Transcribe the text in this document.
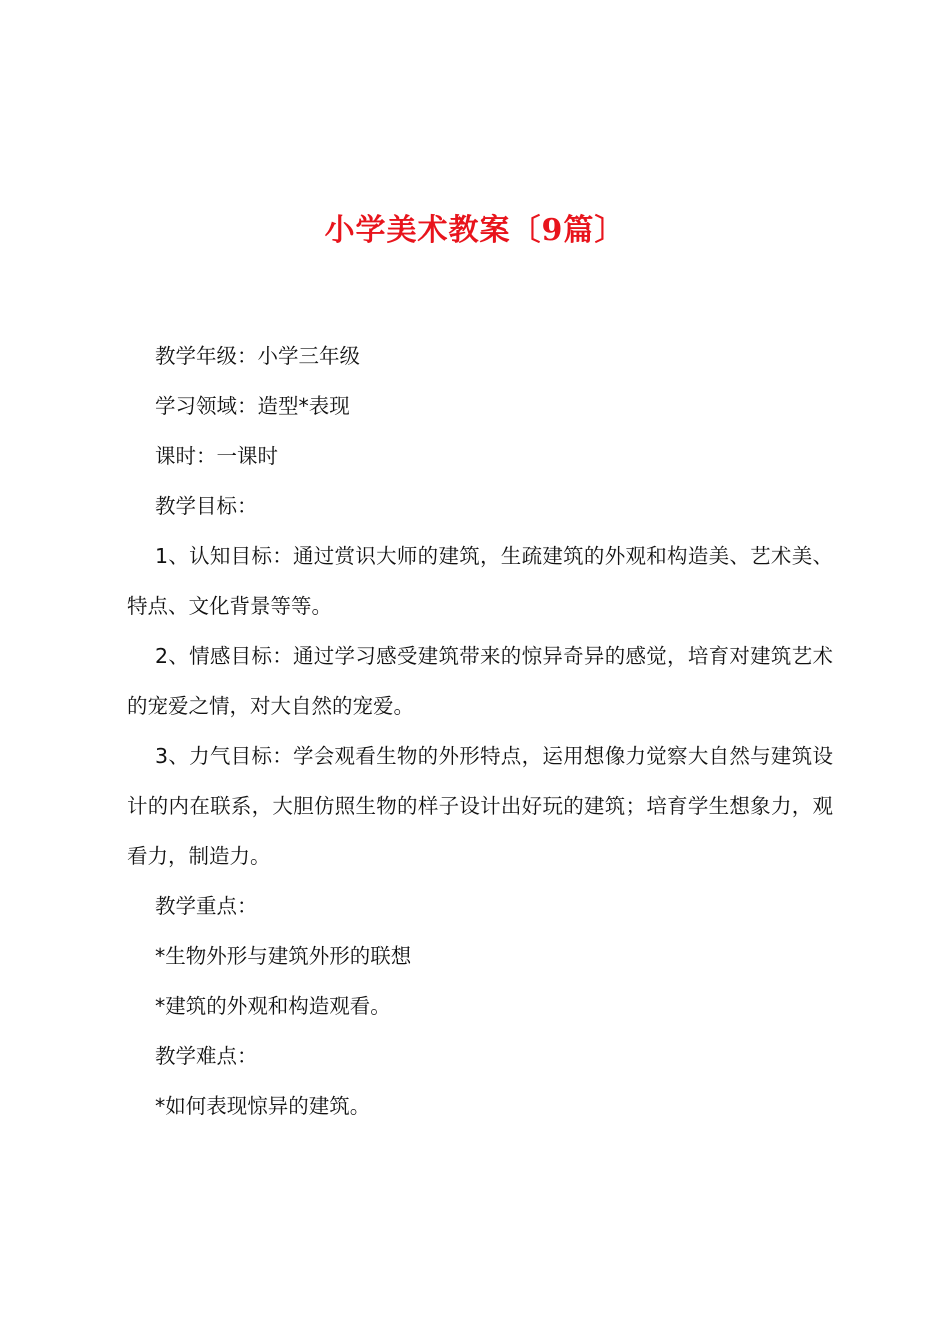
小学美术教案〔9篇〕

教学年级：小学三年级

学习领域：造型*表现

课时：一课时

教学目标：

1、认知目标：通过赏识大师的建筑，生疏建筑的外观和构造美、艺术美、特点、文化背景等等。

2、情感目标：通过学习感受建筑带来的惊异奇异的感觉，培育对建筑艺术的宠爱之情，对大自然的宠爱。

3、力气目标：学会观看生物的外形特点，运用想像力觉察大自然与建筑设计的内在联系，大胆仿照生物的样子设计出好玩的建筑；培育学生想象力，观看力，制造力。

教学重点：

*生物外形与建筑外形的联想

*建筑的外观和构造观看。

教学难点：

*如何表现惊异的建筑。
